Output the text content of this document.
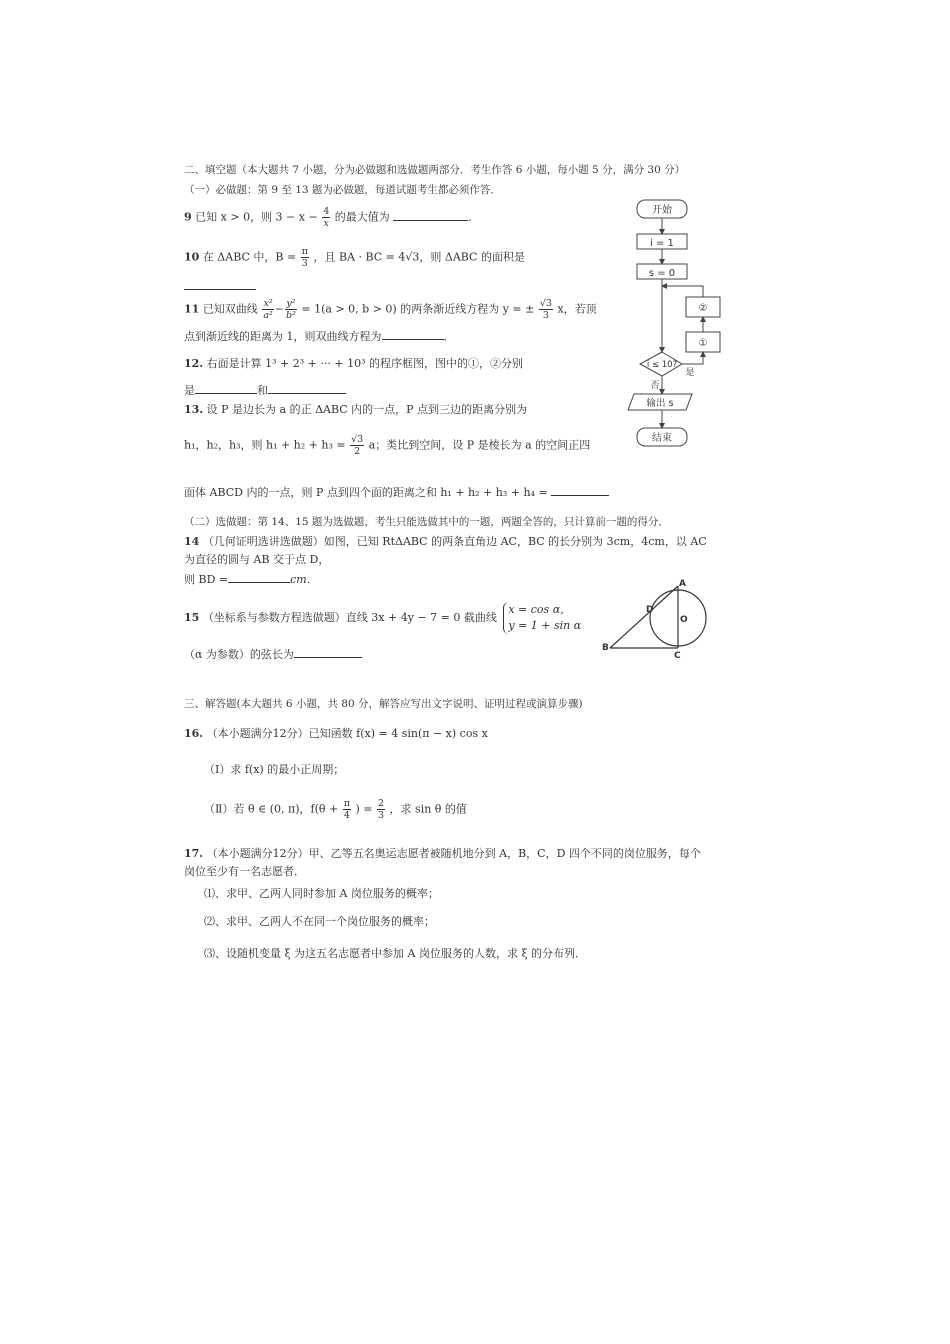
二、填空题（本大题共 7 小题，分为必做题和选做题两部分．考生作答 6 小题，每小题 5 分，满分 30 分）
（一）必做题：第 9 至 13 题为必做题，每道试题考生都必须作答．
9 已知 x > 0，则 $3 - x - \frac{4}{x}$ 的最大值为	．
10 在 ΔABC 中，$B = \frac{\pi}{3}$ ，且 BA · BC = 4√3，则 ΔABC 的面积是
11 已知双曲线 $\frac{\text{x²}}{\text{a²}} - \frac{\text{y²}}{\text{b²}} = 1(a > 0$, b > 0) 的两条渐近线方程为 y = ± $\frac{√3}{3}$ x，若顶
点到渐近线的距离为 1，则双曲线方程为	．
12. 右面是计算 1³ + 2³ + ··· + 10³ 的程序框图，图中的①，②分别
是	和
13. 设 P 是边长为 a 的正 ΔABC 内的一点，P 点到三边的距离分别为
h₁，h₂，h₃，则 $h_1 + h_2 + h_3 = \frac{√3}{2}$ a；类比到空间，设 P 是棱长为 a 的空间正四
面体 ABCD 内的一点，则 P 点到四个面的距离之和 h₁ + h₂ + h₃ + h₄ =
（二）选做题：第 14、15 题为选做题，考生只能选做其中的一题，两题全答的，只计算前一题的得分．
14 （几何证明选讲选做题）如图，已知 RtΔABC 的两条直角边 AC，BC 的长分别为 3cm，4cm，以 AC
为直径的圆与 AB 交于点 D，
则 BD =	cm．
15 （坐标系与参数方程选做题）直线 3x + 4y − 7 = 0 截曲线
x = cos α，
y = 1 + sin α
（α 为参数）的弦长为
三、解答题(本大题共 6 小题，共 80 分，解答应写出文字说明、证明过程或演算步骤)
16. （本小题满分12分）已知函数 f(x) = 4 sin(π − x) cos x
（Ⅰ）求 f(x) 的最小正周期；
（Ⅱ）若 θ ∈ (0, π)，$f(\theta + \frac{\pi}{4}$ ) = $\frac{2}{3}$ ，求 sin θ 的值
17. （本小题满分12分）甲、乙等五名奥运志愿者被随机地分到 A，B，C，D 四个不同的岗位服务，每个
岗位至少有一名志愿者．
⑴、求甲、乙两人同时参加 A 岗位服务的概率；
⑵、求甲、乙两人不在同一个岗位服务的概率；
⑶、设随机变量 ξ 为这五名志愿者中参加 A 岗位服务的人数，求 ξ 的分布列．
开始
i = 1
s = 0
②
①
i ≤ 10?
是
否
输出 s
结束
A
B
C
D
O
